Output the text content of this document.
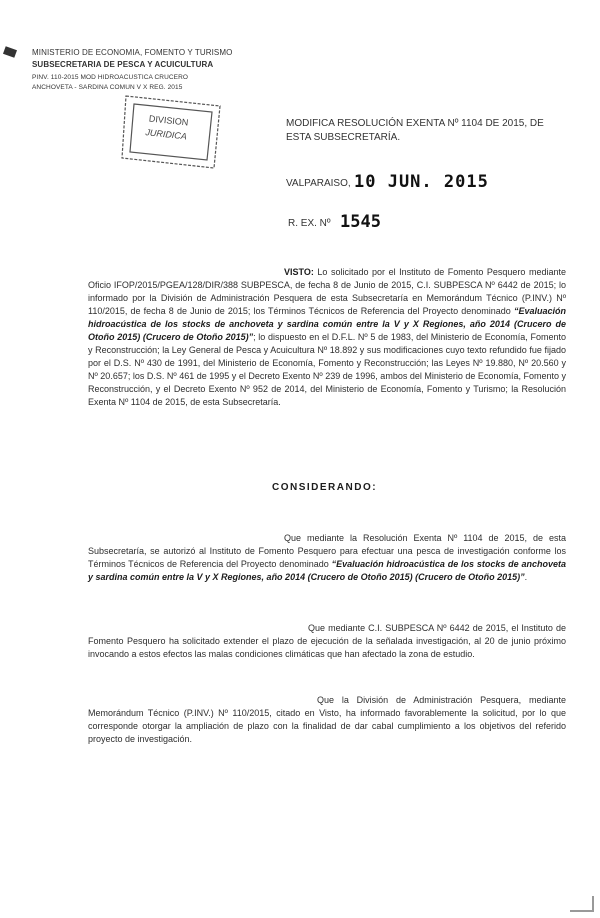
MINISTERIO DE ECONOMIA, FOMENTO Y TURISMO
SUBSECRETARIA DE PESCA Y ACUICULTURA
PINV. 110-2015 MOD HIDROACUSTICA CRUCERO
ANCHOVETA - SARDINA COMUN V X REG. 2015
DIVISION
JURIDICA
MODIFICA RESOLUCIÓN EXENTA Nº 1104 DE 2015, DE ESTA SUBSECRETARÍA.
VALPARAISO, 10 JUN. 2015
R. EX. Nº 1545
VISTO: Lo solicitado por el Instituto de Fomento Pesquero mediante Oficio IFOP/2015/PGEA/128/DIR/388 SUBPESCA, de fecha 8 de Junio de 2015, C.I. SUBPESCA Nº 6442 de 2015; lo informado por la División de Administración Pesquera de esta Subsecretaría en Memorándum Técnico (P.INV.) Nº 110/2015, de fecha 8 de Junio de 2015; los Términos Técnicos de Referencia del Proyecto denominado “Evaluación hidroacústica de los stocks de anchoveta y sardina común entre la V y X Regiones, año 2014 (Crucero de Otoño 2015) (Crucero de Otoño 2015)”; lo dispuesto en el D.F.L. Nº 5 de 1983, del Ministerio de Economía, Fomento y Reconstrucción; la Ley General de Pesca y Acuicultura Nº 18.892 y sus modificaciones cuyo texto refundido fue fijado por el D.S. Nº 430 de 1991, del Ministerio de Economía, Fomento y Reconstrucción; las Leyes Nº 19.880, Nº 20.560 y Nº 20.657; los D.S. Nº 461 de 1995 y el Decreto Exento Nº 239 de 1996, ambos del Ministerio de Economía, Fomento y Reconstrucción, y el Decreto Exento Nº 952 de 2014, del Ministerio de Economía, Fomento y Turismo; la Resolución Exenta Nº 1104 de 2015, de esta Subsecretaría.
CONSIDERANDO:
Que mediante la Resolución Exenta Nº 1104 de 2015, de esta Subsecretaría, se autorizó al Instituto de Fomento Pesquero para efectuar una pesca de investigación conforme los Términos Técnicos de Referencia del Proyecto denominado “Evaluación hidroacústica de los stocks de anchoveta y sardina común entre la V y X Regiones, año 2014 (Crucero de Otoño 2015) (Crucero de Otoño 2015)”.
Que mediante C.I. SUBPESCA Nº 6442 de 2015, el Instituto de Fomento Pesquero ha solicitado extender el plazo de ejecución de la señalada investigación, al 20 de junio próximo invocando a estos efectos las malas condiciones climáticas que han afectado la zona de estudio.
Que la División de Administración Pesquera, mediante Memorándum Técnico (P.INV.) Nº 110/2015, citado en Visto, ha informado favorablemente la solicitud, por lo que corresponde otorgar la ampliación de plazo con la finalidad de dar cabal cumplimiento a los objetivos del referido proyecto de investigación.
